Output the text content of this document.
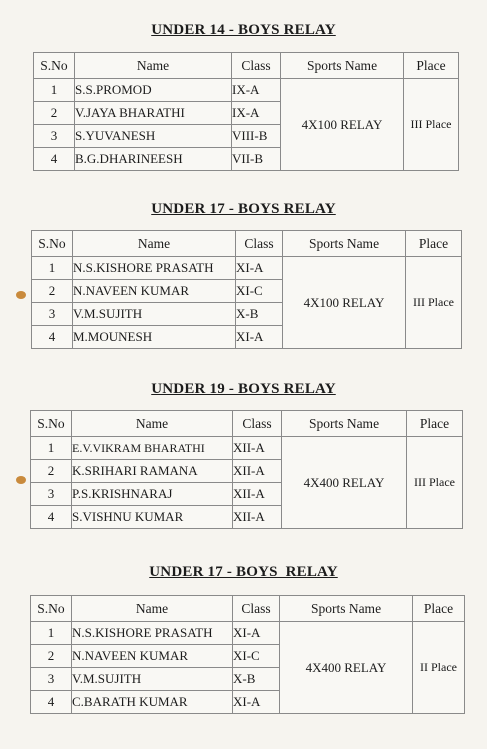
UNDER 14 - BOYS RELAY
S.No	Name	Class	Sports Name	Place
1	S.S.PROMOD	IX-A	4X100 RELAY	III Place
2	V.JAYA BHARATHI	IX-A		
3	S.YUVANESH	VIII-B		
4	B.G.DHARINEESH	VII-B		
UNDER 17 - BOYS RELAY
S.No	Name	Class	Sports Name	Place
1	N.S.KISHORE PRASATH	XI-A	4X100 RELAY	III Place
2	N.NAVEEN KUMAR	XI-C		
3	V.M.SUJITH	X-B		
4	M.MOUNESH	XI-A		
UNDER 19 - BOYS RELAY
S.No	Name	Class	Sports Name	Place
1	E.V.VIKRAM BHARATHI	XII-A	4X400 RELAY	III Place
2	K.SRIHARI RAMANA	XII-A		
3	P.S.KRISHNARAJ	XII-A		
4	S.VISHNU KUMAR	XII-A		
UNDER 17 - BOYS  RELAY
S.No	Name	Class	Sports Name	Place
1	N.S.KISHORE PRASATH	XI-A	4X400 RELAY	II Place
2	N.NAVEEN KUMAR	XI-C		
3	V.M.SUJITH	X-B		
4	C.BARATH KUMAR	XI-A		
